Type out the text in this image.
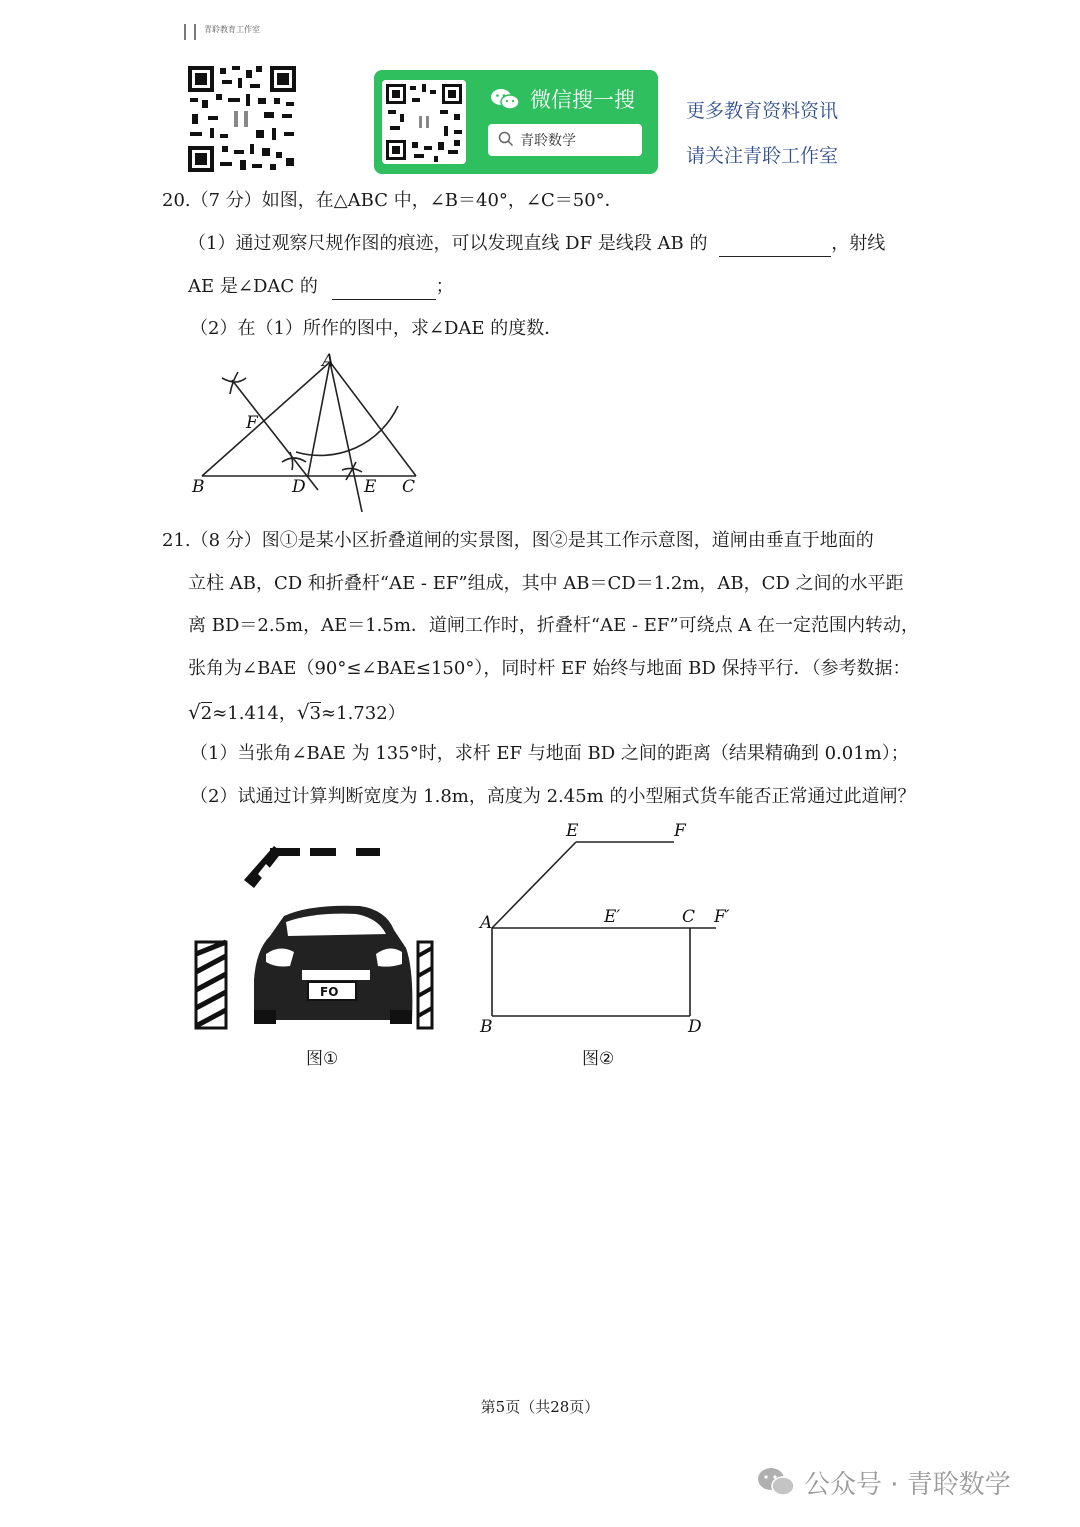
青聆教育工作室
微信搜一搜
青聆数学
更多教育资料资讯
请关注青聆工作室
20.（7 分）如图，在△ABC 中，∠B＝40°，∠C＝50°．
（1）通过观察尺规作图的痕迹，可以发现直线 DF 是线段 AB 的	，射线
AE 是∠DAC 的	；
（2）在（1）所作的图中，求∠DAE 的度数．
A
B	C
D	E
F
21.（8 分）图①是某小区折叠道闸的实景图，图②是其工作示意图，道闸由垂直于地面的
立柱 AB，CD 和折叠杆“AE - EF”组成，其中 AB＝CD＝1.2m，AB，CD 之间的水平距
离 BD＝2.5m，AE＝1.5m．道闸工作时，折叠杆“AE - EF”可绕点 A 在一定范围内转动，
张角为∠BAE（90°≤∠BAE≤150°），同时杆 EF 始终与地面 BD 保持平行．（参考数据：
√2≈1.414，√3≈1.732）
（1）当张角∠BAE 为 135°时，求杆 EF 与地面 BD 之间的距离（结果精确到 0.01m）；
（2）试通过计算判断宽度为 1.8m，高度为 2.45m 的小型厢式货车能否正常通过此道闸？
FO
图①
E	F
A	E′	C F′
B	D
图②
第5页（共28页）
公众号 · 青聆数学
